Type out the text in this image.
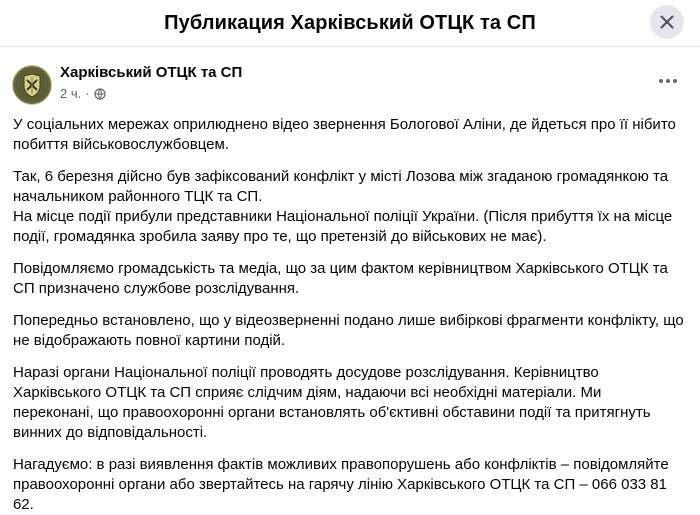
Публикация Харківський ОТЦК та СП
Харківський ОТЦК та СП
2 ч. ·

У соціальних мережах оприлюднено відео звернення Бологової Аліни, де йдеться про її нібито побиття військовослужбовцем.

Так, 6 березня дійсно був зафіксований конфлікт у місті Лозова між згаданою громадянкою та начальником районного ТЦК та СП.
На місце події прибули представники Національної поліції України. (Після прибуття їх на місце події, громадянка зробила заяву про те, що претензій до військових не має).

Повідомляємо громадськість та медіа, що за цим фактом керівництвом Харківського ОТЦК та СП призначено службове розслідування.

Попередньо встановлено, що у відеозверненні подано лише вибіркові фрагменти конфлікту, що не відображають повної картини подій.

Наразі органи Національної поліції проводять досудове розслідування. Керівництво Харківського ОТЦК та СП сприяє слідчим діям, надаючи всі необхідні матеріали. Ми переконані, що правоохоронні органи встановлять об'єктивні обставини події та притягнуть винних до відповідальності.

Нагадуємо: в разі виявлення фактів можливих правопорушень або конфліктів – повідомляйте правоохоронні органи або звертайтесь на гарячу лінію Харківського ОТЦК та СП – 066 033 81 62.
